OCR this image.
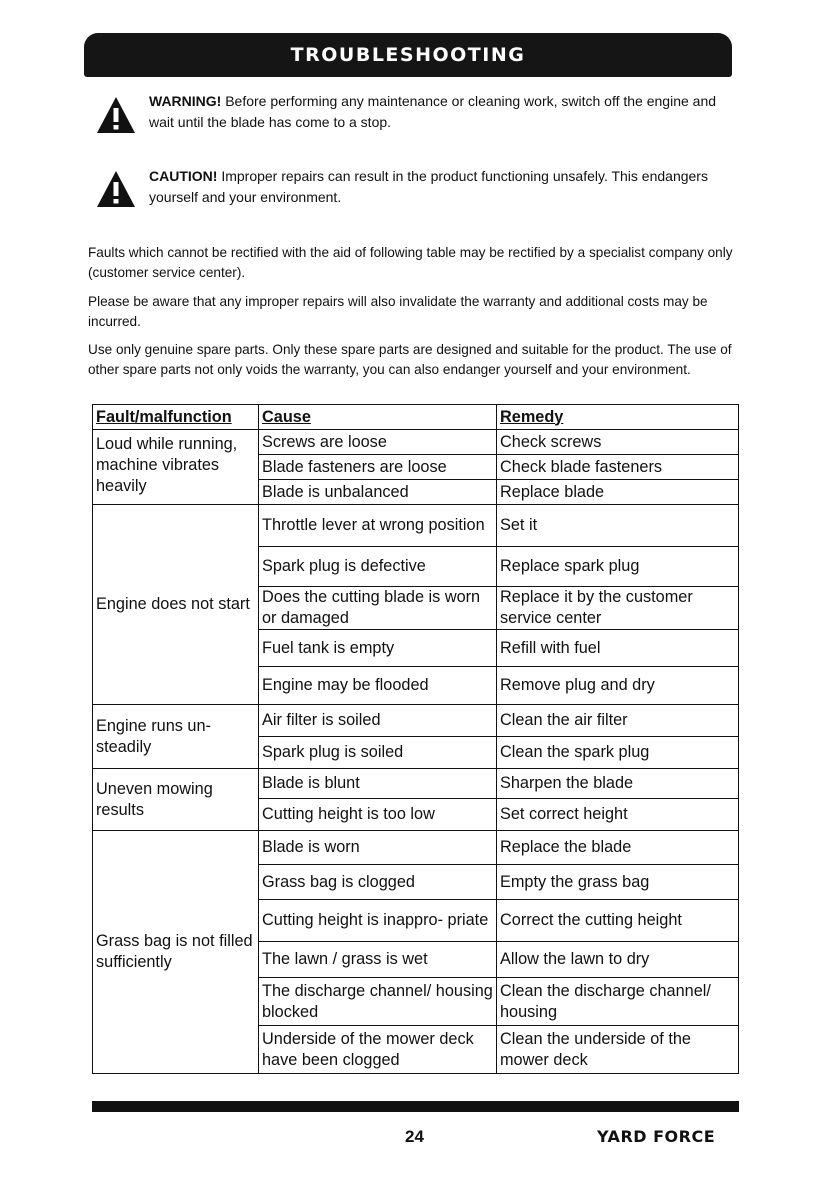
TROUBLESHOOTING
WARNING! Before performing any maintenance or cleaning work, switch off the engine and wait until the blade has come to a stop.
CAUTION! Improper repairs can result in the product functioning unsafely. This endangers yourself and your environment.
Faults which cannot be rectified with the aid of following table may be rectified by a specialist company only (customer service center).
Please be aware that any improper repairs will also invalidate the warranty and additional costs may be incurred.
Use only genuine spare parts. Only these spare parts are designed and suitable for the product. The use of other spare parts not only voids the warranty, you can also endanger yourself and your environment.
Fault/malfunction	Cause	Remedy
Loud while running, machine vibrates heavily	Screws are loose	Check screws
	Blade fasteners are loose	Check blade fasteners
	Blade is unbalanced	Replace blade
Engine does not start	Throttle lever at wrong position	Set it
	Spark plug is defective	Replace spark plug
	Does the cutting blade is worn or damaged	Replace it by the customer service center
	Fuel tank is empty	Refill with fuel
	Engine may be flooded	Remove plug and dry
Engine runs un- steadily	Air filter is soiled	Clean the air filter
	Spark plug is soiled	Clean the spark plug
Uneven mowing results	Blade is blunt	Sharpen the blade
	Cutting height is too low	Set correct height
Grass bag is not filled sufficiently	Blade is worn	Replace the blade
	Grass bag is clogged	Empty the grass bag
	Cutting height is inappro- priate	Correct the cutting height
	The lawn / grass is wet	Allow the lawn to dry
	The discharge channel/ housing blocked	Clean the discharge channel/ housing
	Underside of the mower deck have been clogged	Clean the underside of the mower deck
24	YARD FORCE
